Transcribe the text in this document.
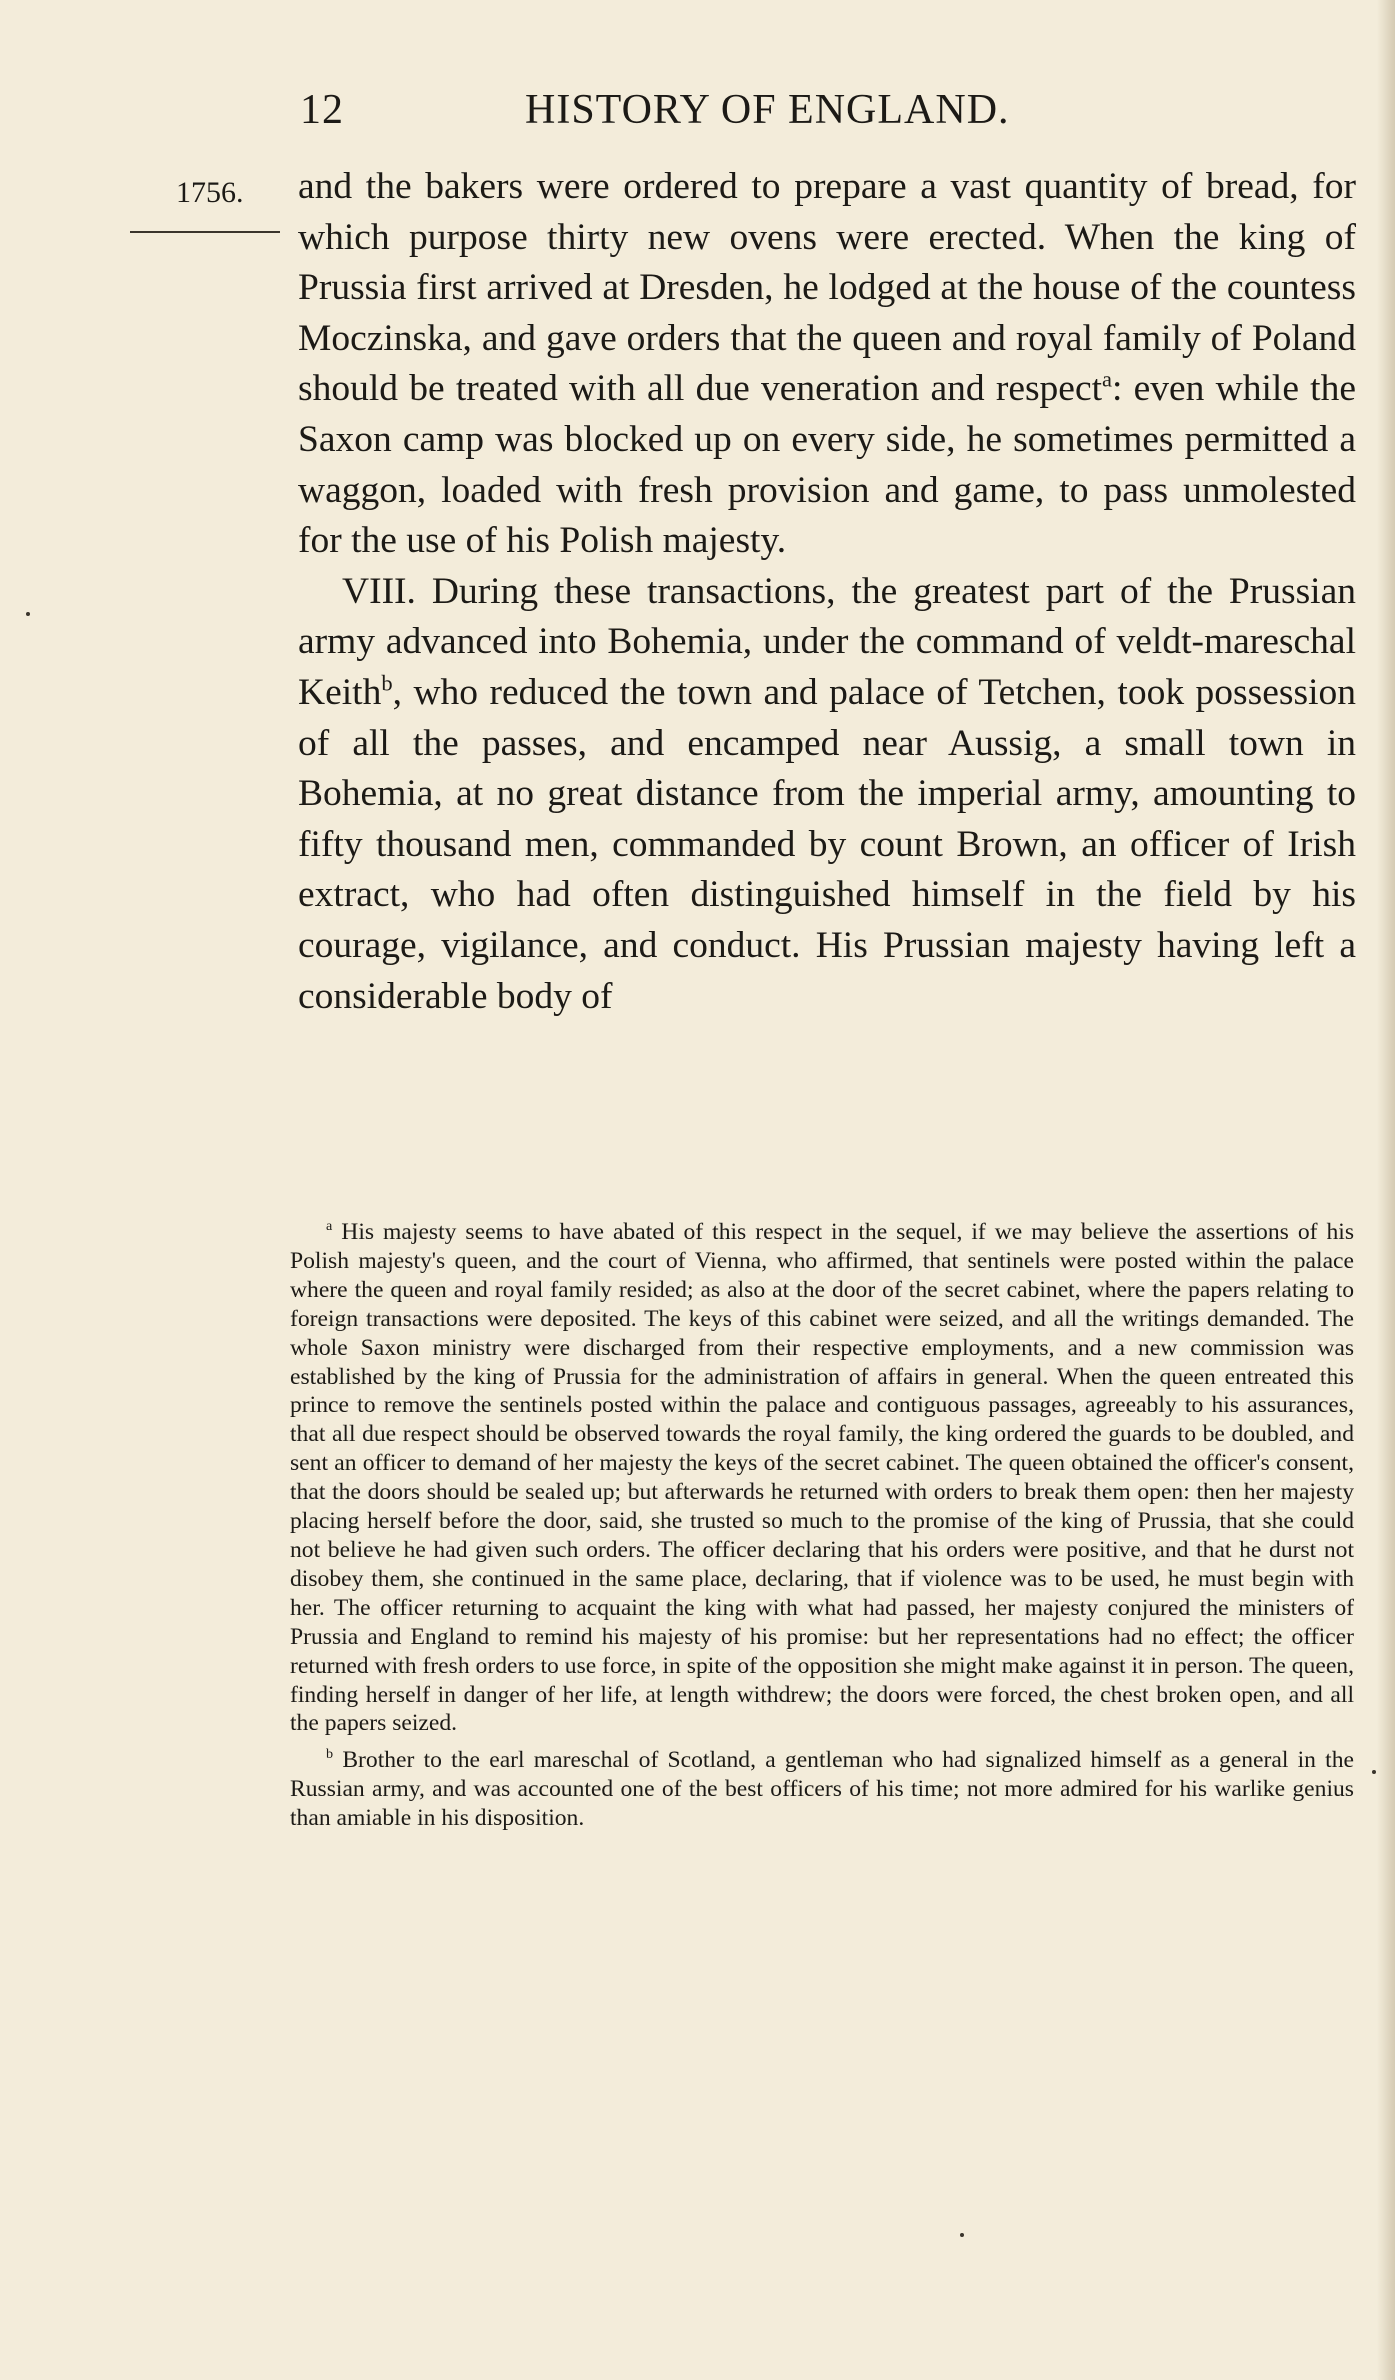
12	HISTORY OF ENGLAND.
1756. and the bakers were ordered to prepare a vast quantity of bread, for which purpose thirty new ovens were erected. When the king of Prussia first arrived at Dresden, he lodged at the house of the countess Moczinska, and gave orders that the queen and royal family of Poland should be treated with all due veneration and respect$^a$: even while the Saxon camp was blocked up on every side, he sometimes permitted a waggon, loaded with fresh provision and game, to pass unmolested for the use of his Polish majesty.

VIII. During these transactions, the greatest part of the Prussian army advanced into Bohemia, under the command of veldt-mareschal Keith$^b$, who reduced the town and palace of Tetchen, took possession of all the passes, and encamped near Aussig, a small town in Bohemia, at no great distance from the imperial army, amounting to fifty thousand men, commanded by count Brown, an officer of Irish extract, who had often distinguished himself in the field by his courage, vigilance, and conduct. His Prussian majesty having left a considerable body of

$^a$ His majesty seems to have abated of this respect in the sequel, if we may believe the assertions of his Polish majesty's queen, and the court of Vienna, who affirmed, that sentinels were posted within the palace where the queen and royal family resided; as also at the door of the secret cabinet, where the papers relating to foreign transactions were deposited. The keys of this cabinet were seized, and all the writings demanded. The whole Saxon ministry were discharged from their respective employments, and a new commission was established by the king of Prussia for the administration of affairs in general. When the queen entreated this prince to remove the sentinels posted within the palace and contiguous passages, agreeably to his assurances, that all due respect should be observed towards the royal family, the king ordered the guards to be doubled, and sent an officer to demand of her majesty the keys of the secret cabinet. The queen obtained the officer's consent, that the doors should be sealed up; but afterwards he returned with orders to break them open: then her majesty placing herself before the door, said, she trusted so much to the promise of the king of Prussia, that she could not believe he had given such orders. The officer declaring that his orders were positive, and that he durst not disobey them, she continued in the same place, declaring, that if violence was to be used, he must begin with her. The officer returning to acquaint the king with what had passed, her majesty conjured the ministers of Prussia and England to remind his majesty of his promise: but her representations had no effect; the officer returned with fresh orders to use force, in spite of the opposition she might make against it in person. The queen, finding herself in danger of her life, at length withdrew; the doors were forced, the chest broken open, and all the papers seized.

$^b$ Brother to the earl mareschal of Scotland, a gentleman who had signalized himself as a general in the Russian army, and was accounted one of the best officers of his time; not more admired for his warlike genius than amiable in his disposition.
